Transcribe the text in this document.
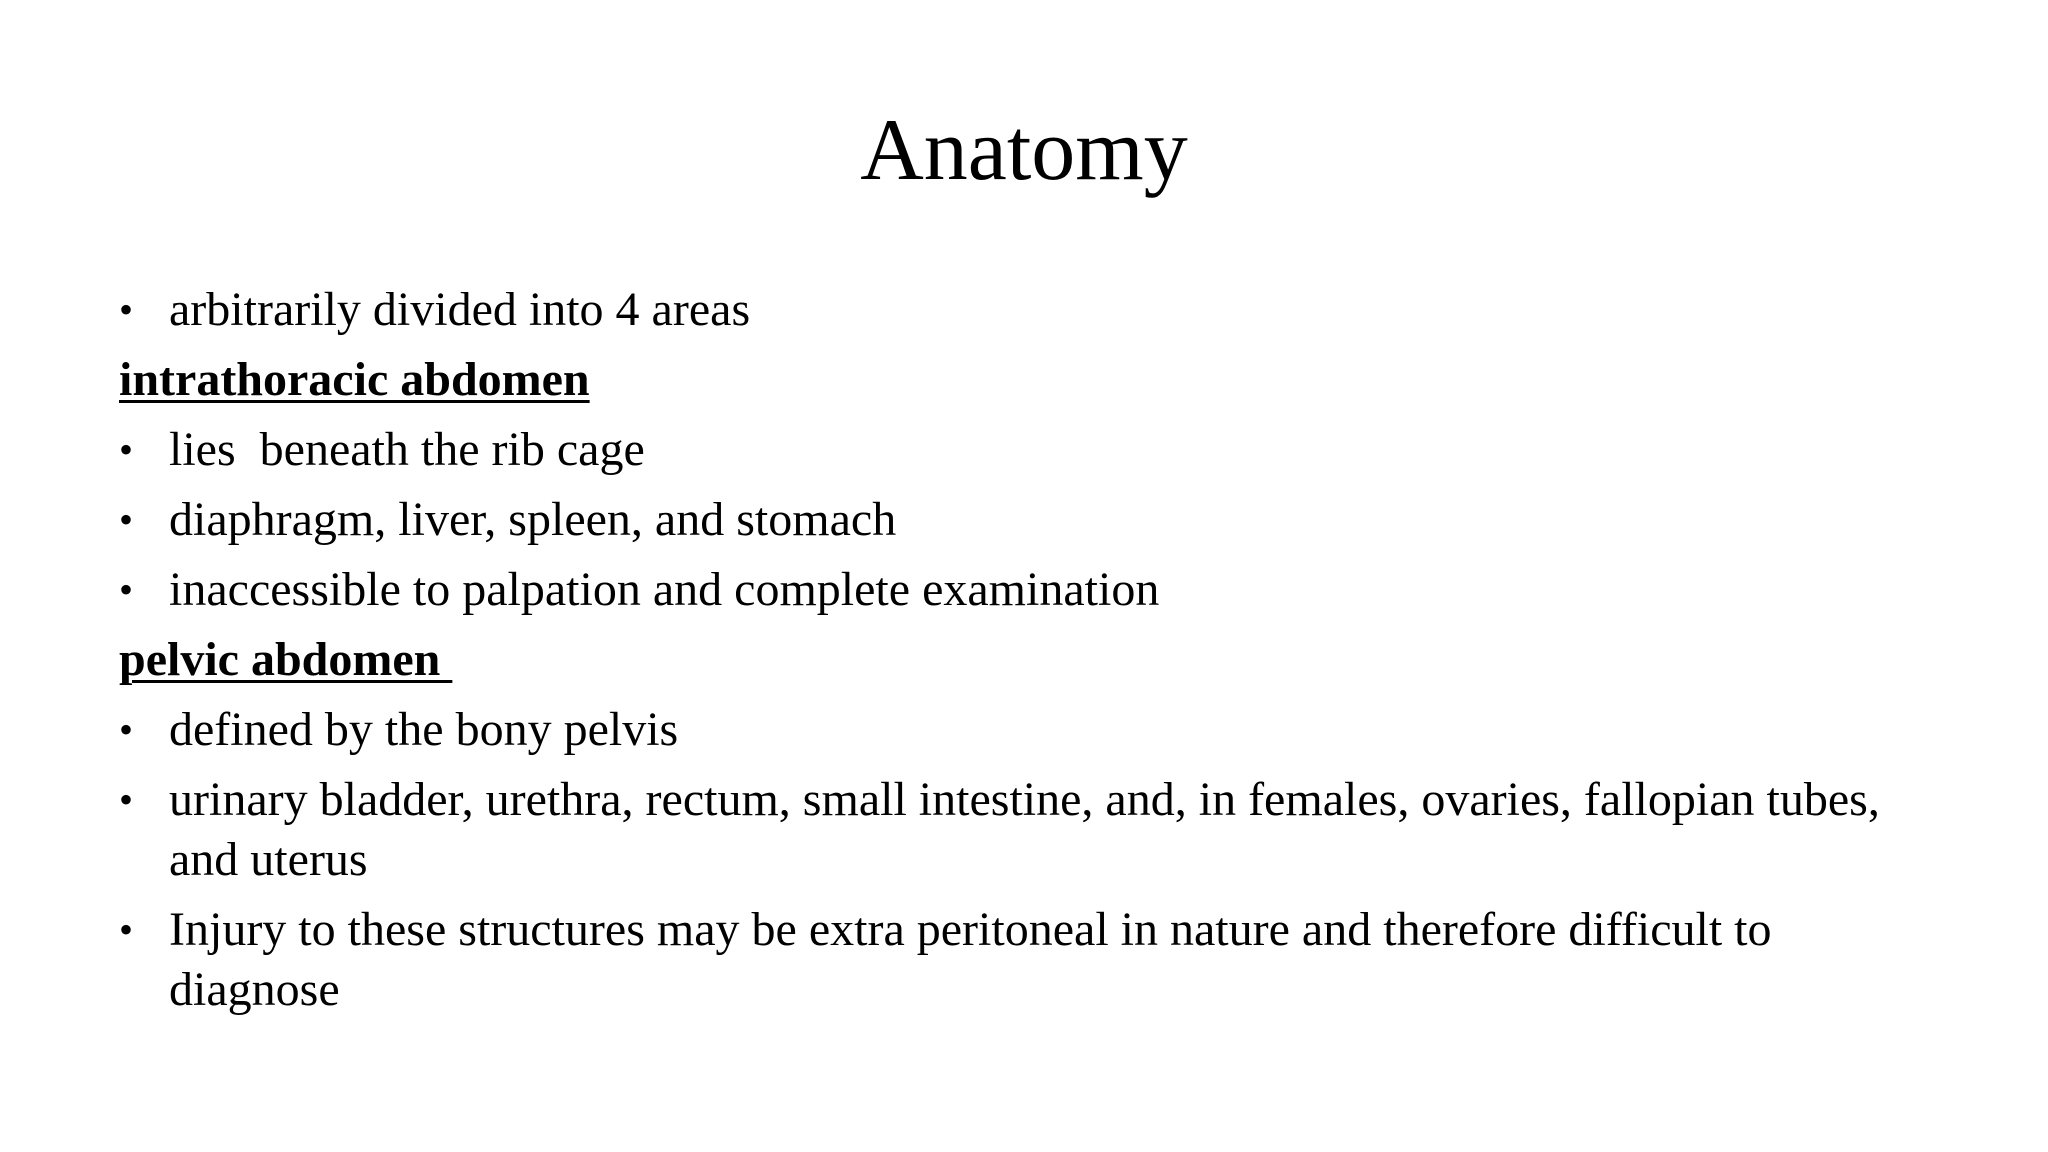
Anatomy
• arbitrarily divided into 4 areas
intrathoracic abdomen
• lies  beneath the rib cage
• diaphragm, liver, spleen, and stomach
• inaccessible to palpation and complete examination
pelvic abdomen
• defined by the bony pelvis
• urinary bladder, urethra, rectum, small intestine, and, in females, ovaries, fallopian tubes, and uterus
• Injury to these structures may be extra peritoneal in nature and therefore difficult to diagnose
